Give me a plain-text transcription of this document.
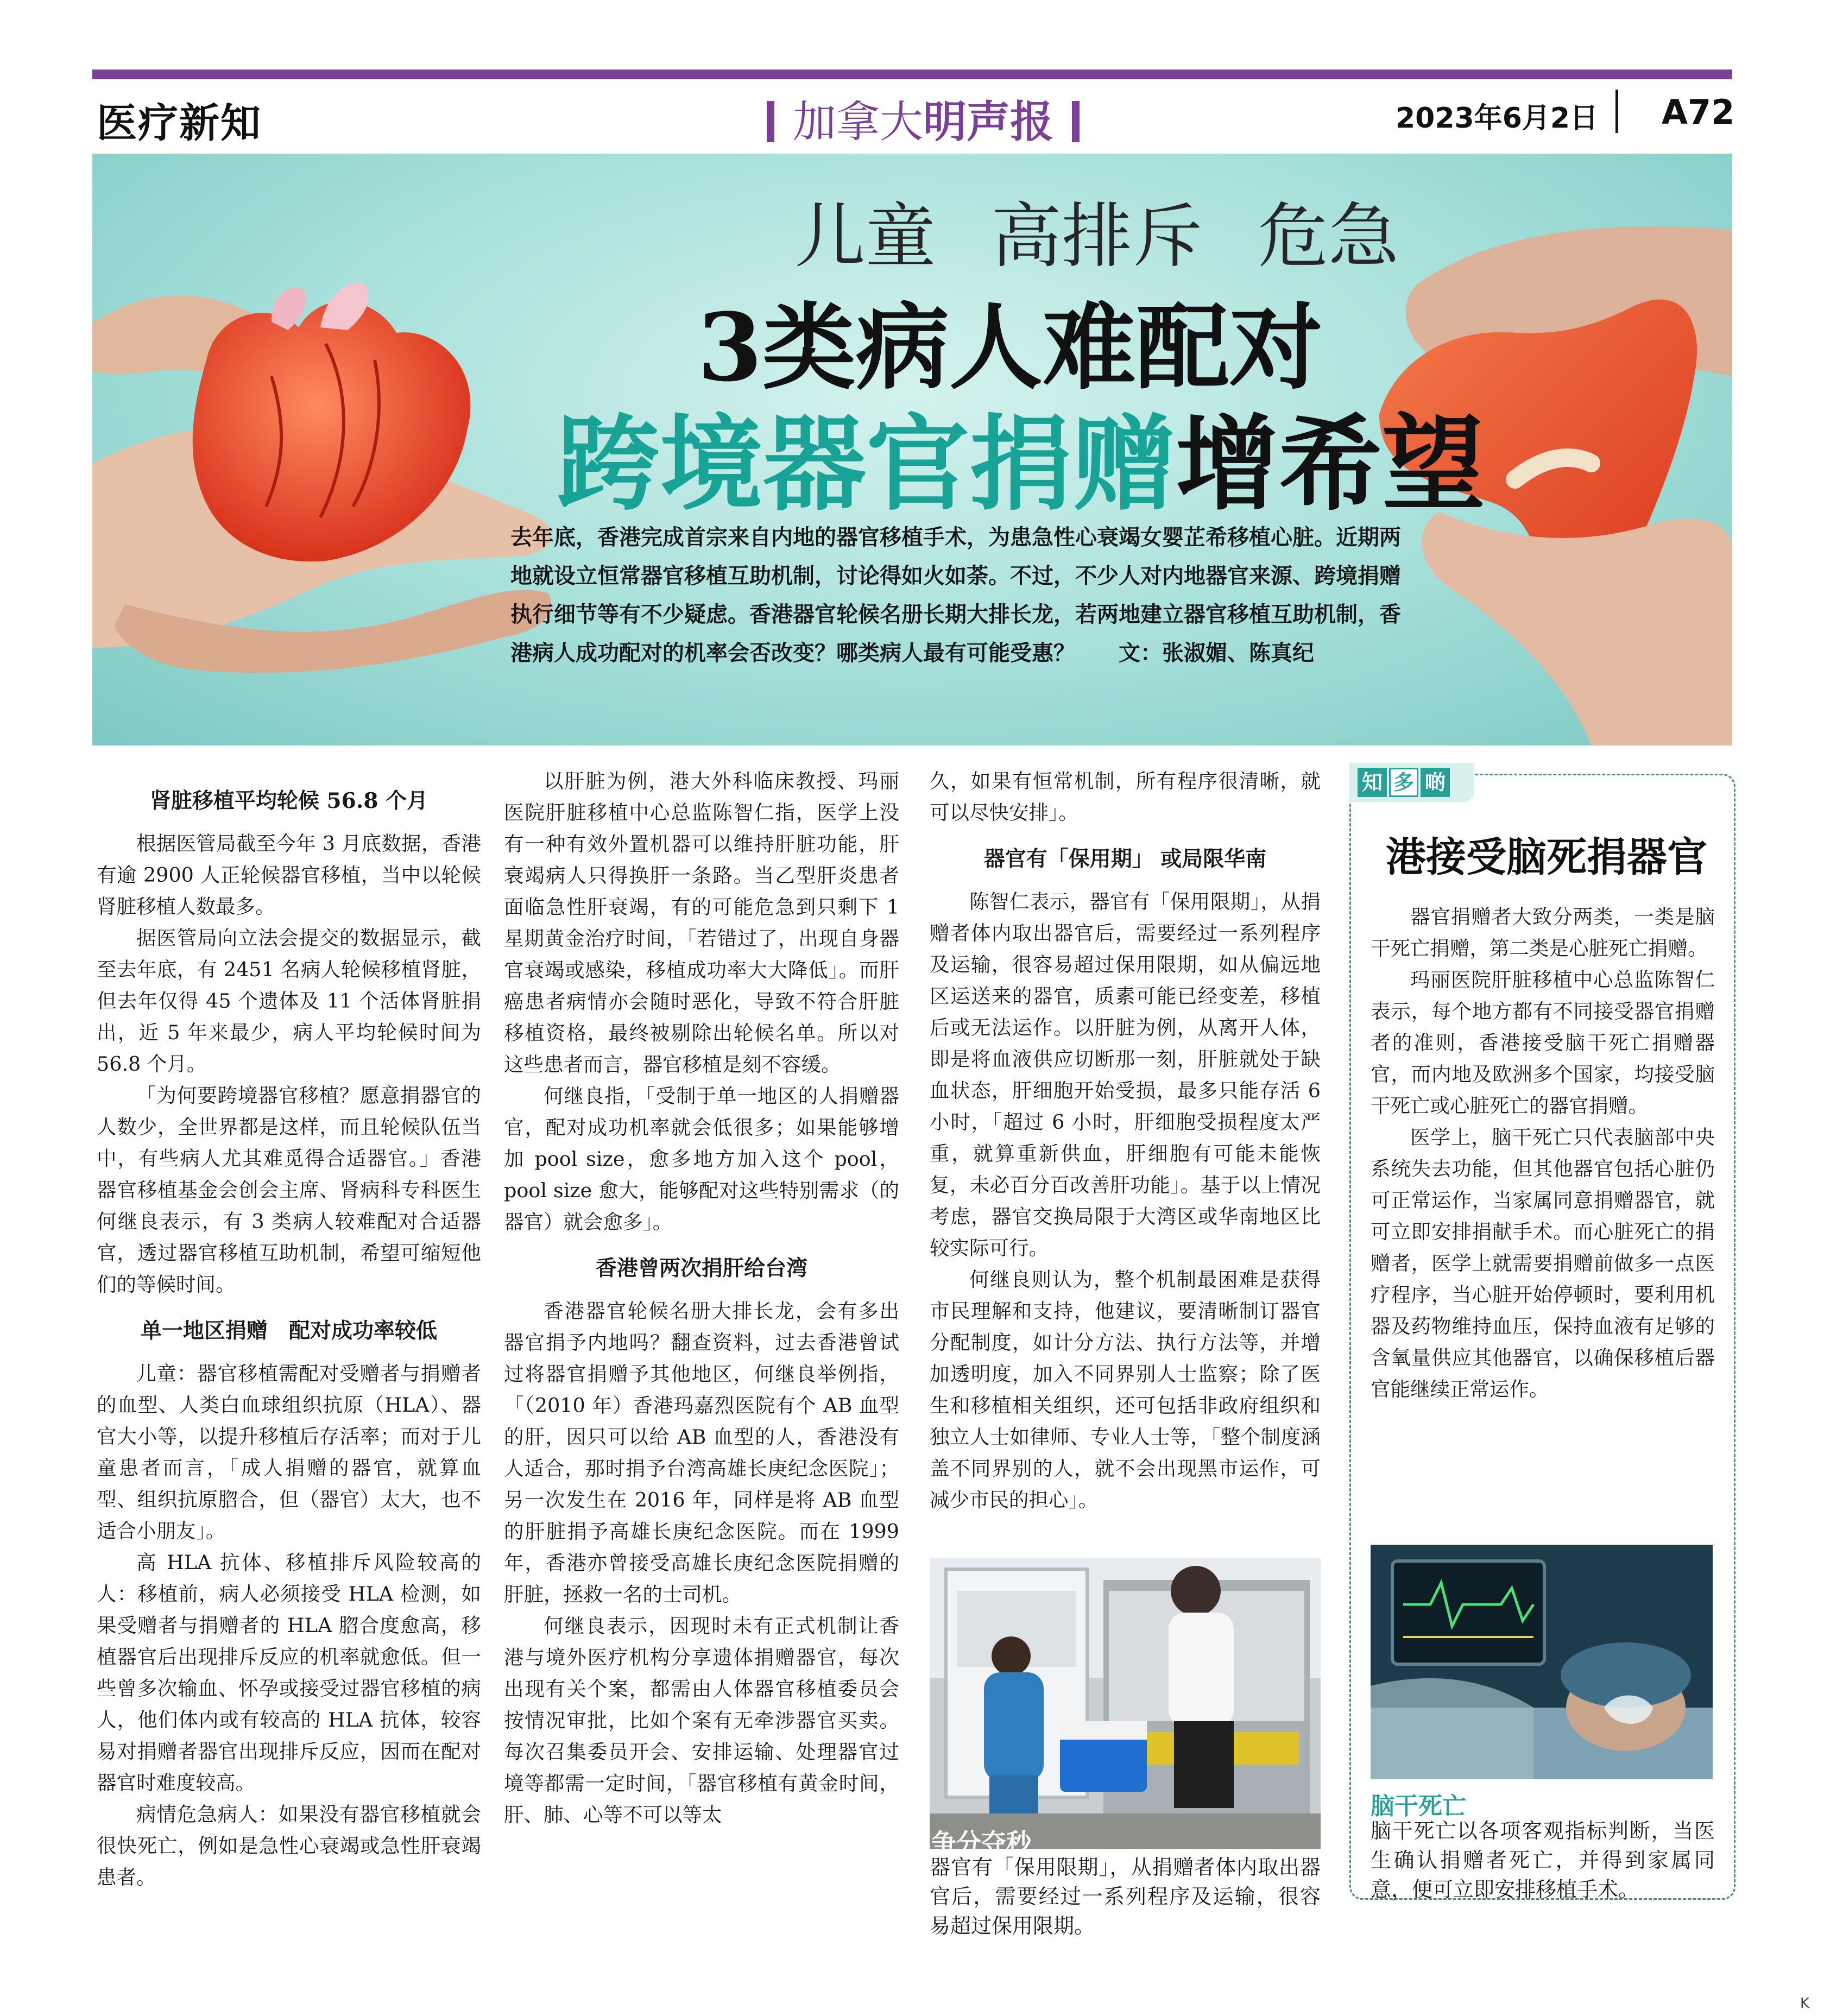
医疗新知	加拿大明声报	2023年6月2日 A72
儿童 高排斥 危急
3类病人难配对
跨境器官捐赠增希望
去年底，香港完成首宗来自内地的器官移植手术，为患急性心衰竭女婴芷希移植心脏。近期两地就设立恒常器官移植互助机制，讨论得如火如荼。不过，不少人对内地器官来源、跨境捐赠执行细节等有不少疑虑。香港器官轮候名册长期大排长龙，若两地建立器官移植互助机制，香港病人成功配对的机率会否改变？哪类病人最有可能受惠？ 文：张淑媚、陈真纪
肾脏移植平均轮候 56.8 个月

根据医管局截至今年 3 月底数据，香港有逾 2900 人正轮候器官移植，当中以轮候肾脏移植人数最多。

据医管局向立法会提交的数据显示，截至去年底，有 2451 名病人轮候移植肾脏，但去年仅得 45 个遗体及 11 个活体肾脏捐出，近 5 年来最少，病人平均轮候时间为 56.8 个月。

「为何要跨境器官移植？愿意捐器官的人数少，全世界都是这样，而且轮候队伍当中，有些病人尤其难觅得合适器官。」香港器官移植基金会创会主席、肾病科专科医生何继良表示，有 3 类病人较难配对合适器官，透过器官移植互助机制，希望可缩短他们的等候时间。

单一地区捐赠　配对成功率较低

儿童：器官移植需配对受赠者与捐赠者的血型、人类白血球组织抗原（HLA）、器官大小等，以提升移植后存活率；而对于儿童患者而言，「成人捐赠的器官，就算血型、组织抗原脗合，但（器官）太大，也不适合小朋友」。

高 HLA 抗体、移植排斥风险较高的人：移植前，病人必须接受 HLA 检测，如果受赠者与捐赠者的 HLA 脗合度愈高，移植器官后出现排斥反应的机率就愈低。但一些曾多次输血、怀孕或接受过器官移植的病人，他们体内或有较高的 HLA 抗体，较容易对捐赠者器官出现排斥反应，因而在配对器官时难度较高。

病情危急病人：如果没有器官移植就会很快死亡，例如是急性心衰竭或急性肝衰竭患者。

以肝脏为例，港大外科临床教授、玛丽医院肝脏移植中心总监陈智仁指，医学上没有一种有效外置机器可以维持肝脏功能，肝衰竭病人只得换肝一条路。当乙型肝炎患者面临急性肝衰竭，有的可能危急到只剩下 1 星期黄金治疗时间，「若错过了，出现自身器官衰竭或感染，移植成功率大大降低」。而肝癌患者病情亦会随时恶化，导致不符合肝脏移植资格，最终被剔除出轮候名单。所以对这些患者而言，器官移植是刻不容缓。

何继良指，「受制于单一地区的人捐赠器官，配对成功机率就会低很多；如果能够增加 pool size，愈多地方加入这个 pool，pool size 愈大，能够配对这些特别需求（的器官）就会愈多」。

香港曾两次捐肝给台湾

香港器官轮候名册大排长龙，会有多出器官捐予内地吗？翻查资料，过去香港曾试过将器官捐赠予其他地区，何继良举例指，「（2010 年）香港玛嘉烈医院有个 AB 血型的肝，因只可以给 AB 血型的人，香港没有人适合，那时捐予台湾高雄长庚纪念医院」；另一次发生在 2016 年，同样是将 AB 血型的肝脏捐予高雄长庚纪念医院。而在 1999 年，香港亦曾接受高雄长庚纪念医院捐赠的肝脏，拯救一名的士司机。

何继良表示，因现时未有正式机制让香港与境外医疗机构分享遗体捐赠器官，每次出现有关个案，都需由人体器官移植委员会按情况审批，比如个案有无牵涉器官买卖。每次召集委员开会、安排运输、处理器官过境等都需一定时间，「器官移植有黄金时间，肝、肺、心等不可以等太

久，如果有恒常机制，所有程序很清晰，就可以尽快安排」。

器官有「保用期」 或局限华南

陈智仁表示，器官有「保用限期」，从捐赠者体内取出器官后，需要经过一系列程序及运输，很容易超过保用限期，如从偏远地区运送来的器官，质素可能已经变差，移植后或无法运作。以肝脏为例，从离开人体，即是将血液供应切断那一刻，肝脏就处于缺血状态，肝细胞开始受损，最多只能存活 6 小时，「超过 6 小时，肝细胞受损程度太严重，就算重新供血，肝细胞有可能未能恢复，未必百分百改善肝功能」。基于以上情况考虑，器官交换局限于大湾区或华南地区比较实际可行。

何继良则认为，整个机制最困难是获得市民理解和支持，他建议，要清晰制订器官分配制度，如计分方法、执行方法等，并增加透明度，加入不同界别人士监察；除了医生和移植相关组织，还可包括非政府组织和独立人士如律师、专业人士等，「整个制度涵盖不同界别的人，就不会出现黑市运作，可减少市民的担心」。

争分夺秒
器官有「保用限期」，从捐赠者体内取出器官后，需要经过一系列程序及运输，很容易超过保用限期。
知 多 啲
港接受脑死捐器官

器官捐赠者大致分两类，一类是脑干死亡捐赠，第二类是心脏死亡捐赠。

玛丽医院肝脏移植中心总监陈智仁表示，每个地方都有不同接受器官捐赠者的准则，香港接受脑干死亡捐赠器官，而内地及欧洲多个国家，均接受脑干死亡或心脏死亡的器官捐赠。

医学上，脑干死亡只代表脑部中央系统失去功能，但其他器官包括心脏仍可正常运作，当家属同意捐赠器官，就可立即安排捐献手术。而心脏死亡的捐赠者，医学上就需要捐赠前做多一点医疗程序，当心脏开始停顿时，要利用机器及药物维持血压，保持血液有足够的含氧量供应其他器官，以确保移植后器官能继续正常运作。

脑干死亡
脑干死亡以各项客观指标判断，当医生确认捐赠者死亡，并得到家属同意，便可立即安排移植手术。
K
